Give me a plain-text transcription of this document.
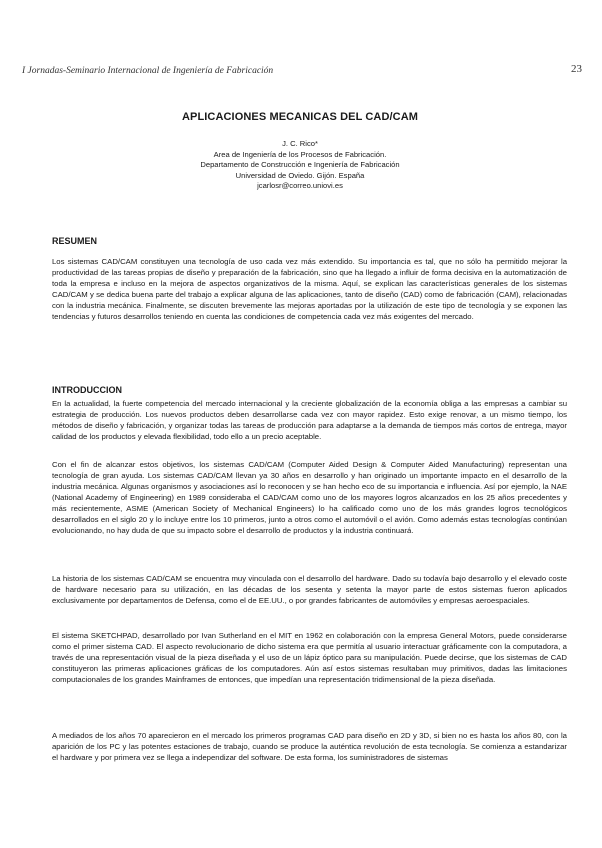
I Jornadas-Seminario Internacional de Ingeniería de Fabricación	23
APLICACIONES MECANICAS DEL CAD/CAM
J. C. Rico*
Area de Ingeniería de los Procesos de Fabricación.
Departamento de Construcción e Ingeniería de Fabricación
Universidad de Oviedo. Gijón. España
jcarlosr@correo.uniovi.es
RESUMEN

Los sistemas CAD/CAM constituyen una tecnología de uso cada vez más extendido. Su importancia es tal, que no sólo ha permitido mejorar la productividad de las tareas propias de diseño y preparación de la fabricación, sino que ha llegado a influir de forma decisiva en la automatización de toda la empresa e incluso en la mejora de aspectos organizativos de la misma. Aquí, se explican las características generales de los sistemas CAD/CAM y se dedica buena parte del trabajo a explicar alguna de las aplicaciones, tanto de diseño (CAD) como de fabricación (CAM), relacionadas con la industria mecánica. Finalmente, se discuten brevemente las mejoras aportadas por la utilización de este tipo de tecnología y se exponen las tendencias y futuros desarrollos teniendo en cuenta las condiciones de competencia cada vez más exigentes del mercado.

INTRODUCCION

En la actualidad, la fuerte competencia del mercado internacional y la creciente globalización de la economía obliga a las empresas a cambiar su estrategia de producción. Los nuevos productos deben desarrollarse cada vez con mayor rapidez. Esto exige renovar, a un mismo tiempo, los métodos de diseño y fabricación, y organizar todas las tareas de producción para adaptarse a la demanda de tiempos más cortos de entrega, mayor calidad de los productos y elevada flexibilidad, todo ello a un precio aceptable.

Con el fin de alcanzar estos objetivos, los sistemas CAD/CAM (Computer Aided Design & Computer Aided Manufacturing) representan una tecnología de gran ayuda. Los sistemas CAD/CAM llevan ya 30 años en desarrollo y han originado un importante impacto en el desarrollo de la industria mecánica. Algunas organismos y asociaciones así lo reconocen y se han hecho eco de su importancia e influencia. Así por ejemplo, la NAE (National Academy of Engineering) en 1989 consideraba el CAD/CAM como uno de los mayores logros alcanzados en los 25 años precedentes y más recientemente, ASME (American Society of Mechanical Engineers) lo ha calificado como uno de los más grandes logros tecnológicos desarrollados en el siglo 20 y lo incluye entre los 10 primeros, junto a otros como el automóvil o el avión. Como además estas tecnologías continúan evolucionando, no hay duda de que su impacto sobre el desarrollo de productos y la industria continuará.

La historia de los sistemas CAD/CAM se encuentra muy vinculada con el desarrollo del hardware. Dado su todavía bajo desarrollo y el elevado coste de hardware necesario para su utilización, en las décadas de los sesenta y setenta la mayor parte de estos sistemas fueron aplicados exclusivamente por departamentos de Defensa, como el de EE.UU., o por grandes fabricantes de automóviles y empresas aeroespaciales.

El sistema SKETCHPAD, desarrollado por Ivan Sutherland en el MIT en 1962 en colaboración con la empresa General Motors, puede considerarse como el primer sistema CAD. El aspecto revolucionario de dicho sistema era que permitía al usuario interactuar gráficamente con la computadora, a través de una representación visual de la pieza diseñada y el uso de un lápiz óptico para su manipulación. Puede decirse, que los sistemas de CAD constituyeron las primeras aplicaciones gráficas de los computadores. Aún así estos sistemas resultaban muy primitivos, dadas las limitaciones computacionales de los grandes Mainframes de entonces, que impedían una representación tridimensional de la pieza diseñada.

A mediados de los años 70 aparecieron en el mercado los primeros programas CAD para diseño en 2D y 3D, si bien no es hasta los años 80, con la aparición de los PC y las potentes estaciones de trabajo, cuando se produce la auténtica revolución de esta tecnología. Se comienza a estandarizar el hardware y por primera vez se llega a independizar del software. De esta forma, los suministradores de sistemas
